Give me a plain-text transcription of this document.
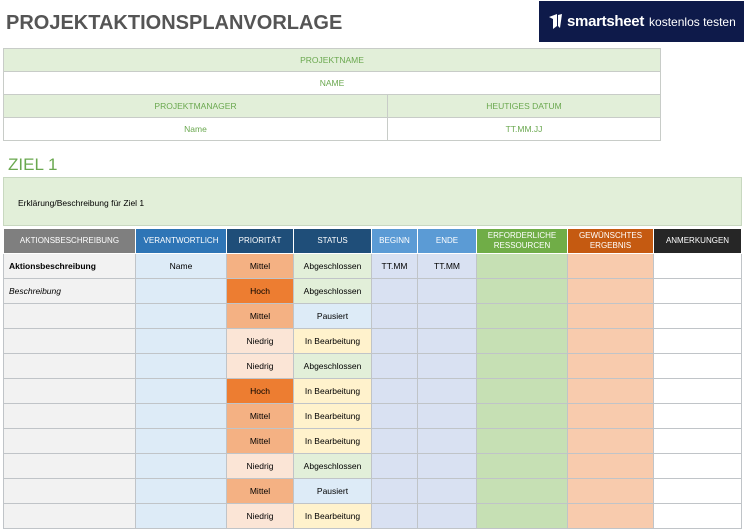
PROJEKTAKTIONSPLANVORLAGE	smartsheet kostenlos testen
PROJEKTNAME	
NAME	
PROJEKTMANAGER	HEUTIGES DATUM
Name	TT.MM.JJ
ZIEL 1
Erklärung/Beschreibung für Ziel 1
AKTIONSBESCHREIBUNG	VERANTWORTLICH	PRIORITÄT	STATUS	BEGINN	ENDE	ERFORDERLICHE RESSOURCEN	GEWÜNSCHTES ERGEBNIS	ANMERKUNGEN
Aktionsbeschreibung	Name	Mittel	Abgeschlossen	TT.MM	TT.MM			
Beschreibung		Hoch	Abgeschlossen					
		Mittel	Pausiert					
		Niedrig	In Bearbeitung					
		Niedrig	Abgeschlossen					
		Hoch	In Bearbeitung					
		Mittel	In Bearbeitung					
		Mittel	In Bearbeitung					
		Niedrig	Abgeschlossen					
		Mittel	Pausiert					
		Niedrig	In Bearbeitung					
